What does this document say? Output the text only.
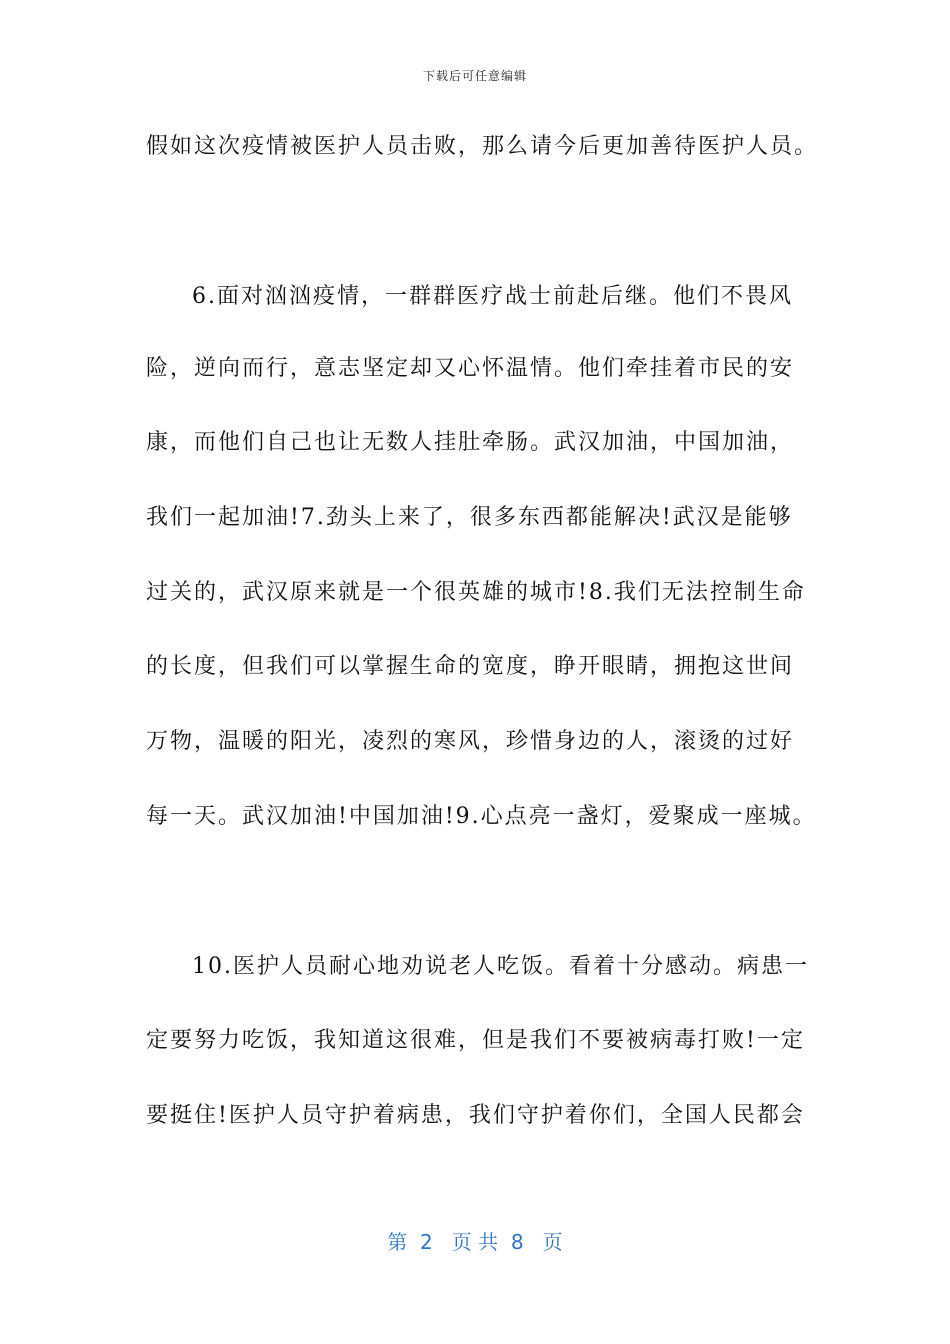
下载后可任意编辑
假如这次疫情被医护人员击败，那么请今后更加善待医护人员。
6.面对汹汹疫情，一群群医疗战士前赴后继。他们不畏风
险，逆向而行，意志坚定却又心怀温情。他们牵挂着市民的安
康，而他们自己也让无数人挂肚牵肠。武汉加油，中国加油，
我们一起加油!7.劲头上来了，很多东西都能解决!武汉是能够
过关的，武汉原来就是一个很英雄的城市!8.我们无法控制生命
的长度，但我们可以掌握生命的宽度，睁开眼睛，拥抱这世间
万物，温暖的阳光，凌烈的寒风，珍惜身边的人，滚烫的过好
每一天。武汉加油!中国加油!9.心点亮一盏灯，爱聚成一座城。
10.医护人员耐心地劝说老人吃饭。看着十分感动。病患一
定要努力吃饭，我知道这很难，但是我们不要被病毒打败!一定
要挺住!医护人员守护着病患，我们守护着你们，全国人民都会
第  2   页 共  8   页
